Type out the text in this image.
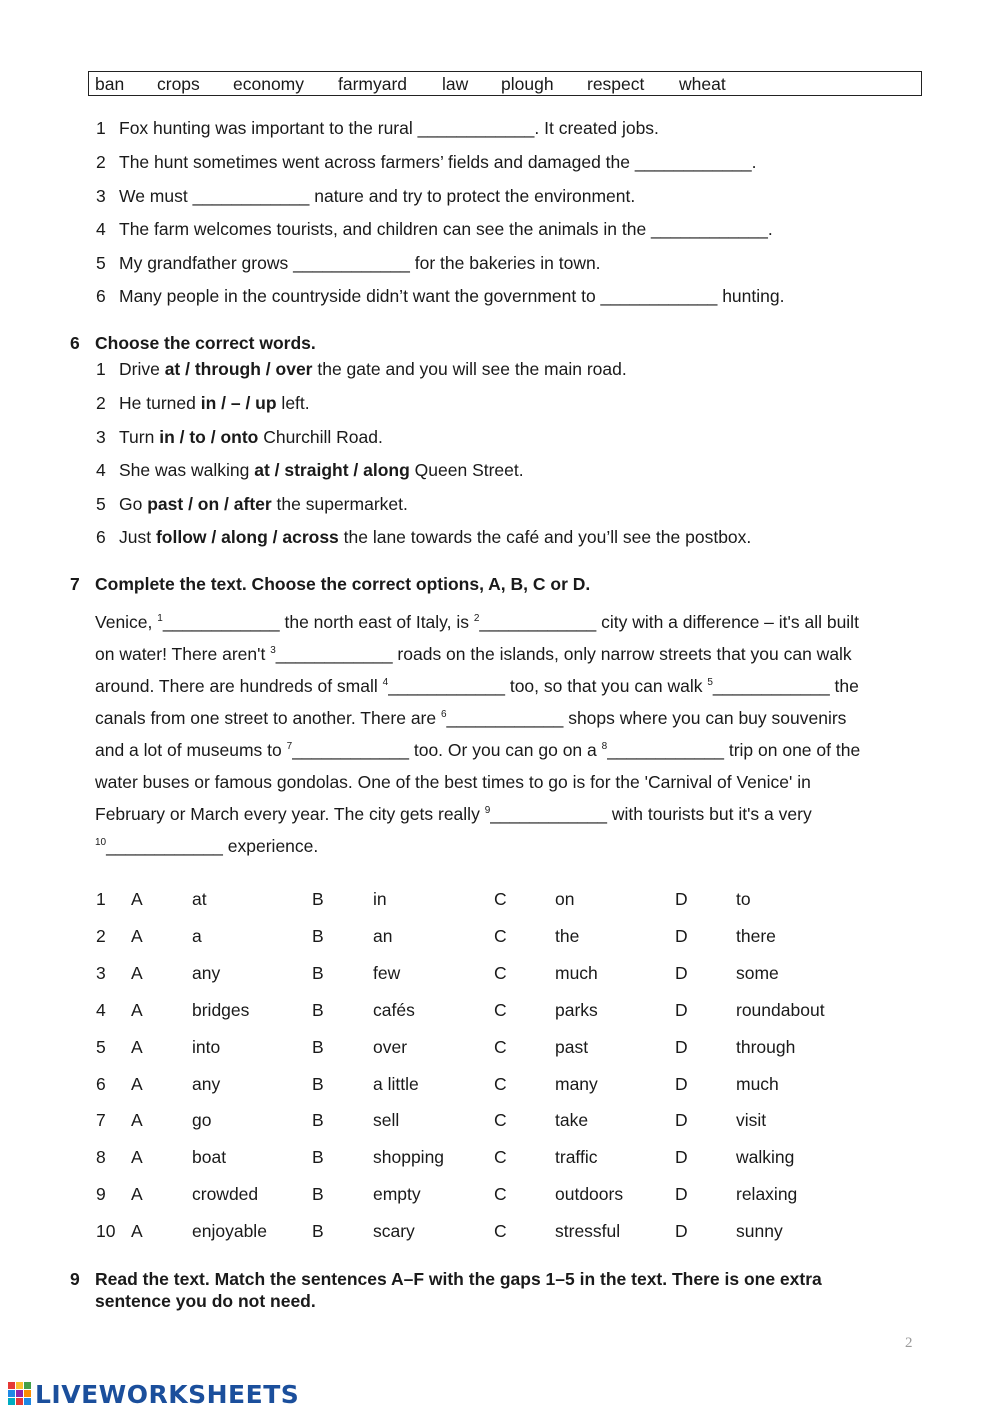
ban crops economy farmyard law plough respect wheat
1 Fox hunting was important to the rural ____________. It created jobs.
2 The hunt sometimes went across farmers’ fields and damaged the ____________.
3 We must ____________ nature and try to protect the environment.
4 The farm welcomes tourists, and children can see the animals in the ____________.
5 My grandfather grows ____________ for the bakeries in town.
6 Many people in the countryside didn’t want the government to ____________ hunting.
6 Choose the correct words.
1 Drive at / through / over the gate and you will see the main road.
2 He turned in / – / up left.
3 Turn in / to / onto Churchill Road.
4 She was walking at / straight / along Queen Street.
5 Go past / on / after the supermarket.
6 Just follow / along / across the lane towards the café and you’ll see the postbox.
7 Complete the text. Choose the correct options, A, B, C or D.
Venice, $^1$____________ the north east of Italy, is $^2$____________ city with a difference – it's all built
on water! There aren't $^3$____________ roads on the islands, only narrow streets that you can walk
around. There are hundreds of small $^4$____________ too, so that you can walk $^5$____________ the
canals from one street to another. There are $^6$____________ shops where you can buy souvenirs
and a lot of museums to $^7$____________ too. Or you can go on a $^8$____________ trip on one of the
water buses or famous gondolas. One of the best times to go is for the 'Carnival of Venice' in
February or March every year. The city gets really $^9$____________ with tourists but it's a very
$^{10}$____________ experience.
1 A	at	B	in	C	on	D	to
2 A	a	B	an	C	the	D	there
3 A	any	B	few	C	much	D	some
4 A	bridges	B	cafés	C	parks	D	roundabout
5 A	into	B	over	C	past	D	through
6 A	any	B	a little	C	many	D	much
7 A	go	B	sell	C	take	D	visit
8 A	boat	B	shopping	C	traffic	D	walking
9 A	crowded	B	empty	C	outdoors	D	relaxing
10 A	enjoyable	B	scary	C	stressful	D	sunny
9 Read the text. Match the sentences A–F with the gaps 1–5 in the text. There is one extra
sentence you do not need.
2
LIVEWORKSHEETS
